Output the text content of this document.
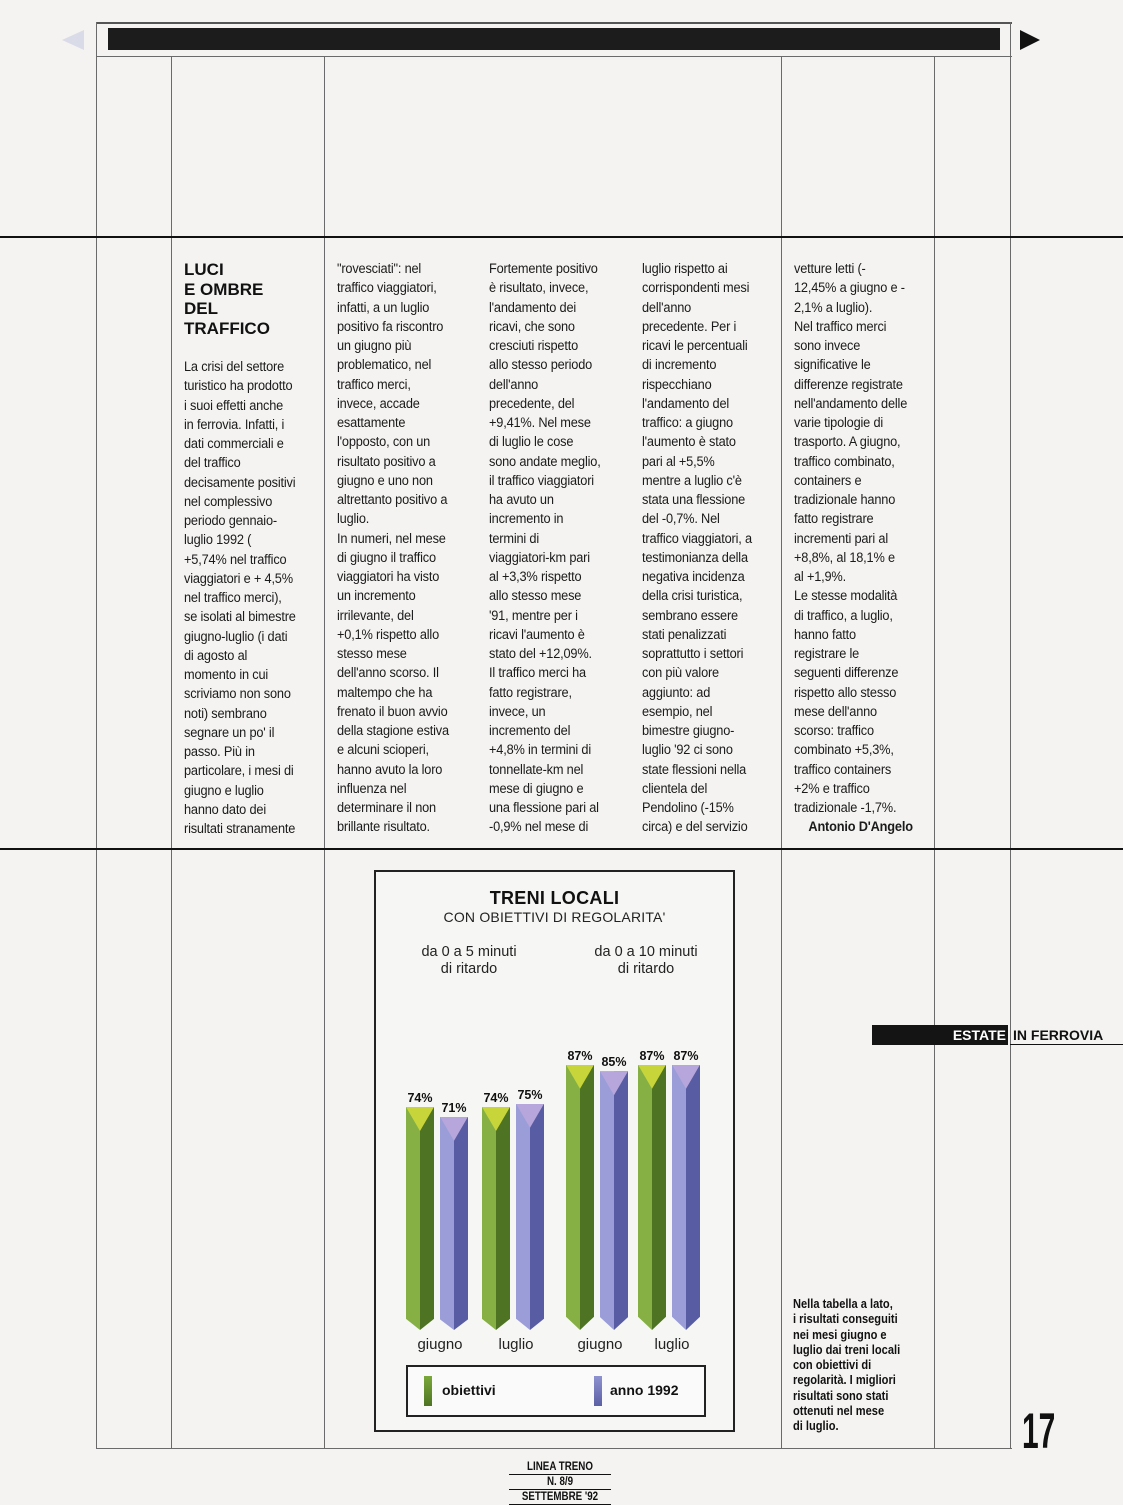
LUCI
E OMBRE
DEL
TRAFFICO
La crisi del settore
turistico ha prodotto
i suoi effetti anche
in ferrovia. Infatti, i
dati commerciali e
del traffico
decisamente positivi
nel complessivo
periodo gennaio-
luglio 1992 (
+5,74% nel traffico
viaggiatori e + 4,5%
nel traffico merci),
se isolati al bimestre
giugno-luglio (i dati
di agosto al
momento in cui
scriviamo non sono
noti) sembrano
segnare un po' il
passo. Più in
particolare, i mesi di
giugno e luglio
hanno dato dei
risultati stranamente
"rovesciati": nel
traffico viaggiatori,
infatti, a un luglio
positivo fa riscontro
un giugno più
problematico, nel
traffico merci,
invece, accade
esattamente
l'opposto, con un
risultato positivo a
giugno e uno non
altrettanto positivo a
luglio.
In numeri, nel mese
di giugno il traffico
viaggiatori ha visto
un incremento
irrilevante, del
+0,1% rispetto allo
stesso mese
dell'anno scorso. Il
maltempo che ha
frenato il buon avvio
della stagione estiva
e alcuni scioperi,
hanno avuto la loro
influenza nel
determinare il non
brillante risultato.
Fortemente positivo
è risultato, invece,
l'andamento dei
ricavi, che sono
cresciuti rispetto
allo stesso periodo
dell'anno
precedente, del
+9,41%. Nel mese
di luglio le cose
sono andate meglio,
il traffico viaggiatori
ha avuto un
incremento in
termini di
viaggiatori-km pari
al +3,3% rispetto
allo stesso mese
'91, mentre per i
ricavi l'aumento è
stato del +12,09%.
Il traffico merci ha
fatto registrare,
invece, un
incremento del
+4,8% in termini di
tonnellate-km nel
mese di giugno e
una flessione pari al
-0,9% nel mese di
luglio rispetto ai
corrispondenti mesi
dell'anno
precedente. Per i
ricavi le percentuali
di incremento
rispecchiano
l'andamento del
traffico: a giugno
l'aumento è stato
pari al +5,5%
mentre a luglio c'è
stata una flessione
del -0,7%. Nel
traffico viaggiatori, a
testimonianza della
negativa incidenza
della crisi turistica,
sembrano essere
stati penalizzati
soprattutto i settori
con più valore
aggiunto: ad
esempio, nel
bimestre giugno-
luglio '92 ci sono
state flessioni nella
clientela del
Pendolino (-15%
circa) e del servizio
vetture letti (-
12,45% a giugno e -
2,1% a luglio).
Nel traffico merci
sono invece
significative le
differenze registrate
nell'andamento delle
varie tipologie di
trasporto. A giugno,
traffico combinato,
containers e
tradizionale hanno
fatto registrare
incrementi pari al
+8,8%, al 18,1% e
al +1,9%.
Le stesse modalità
di traffico, a luglio,
hanno fatto
registrare le
seguenti differenze
rispetto allo stesso
mese dell'anno
scorso: traffico
combinato +5,3%,
traffico containers
+2% e traffico
tradizionale -1,7%.
Antonio D'Angelo
TRENI LOCALI
CON OBIETTIVI DI REGOLARITA'
da 0 a 5 minuti
di ritardo
da 0 a 10 minuti
di ritardo
74%
71%
giugno
74% 75%
luglio
87% 85%
giugno
87% 87%
luglio
obiettivi	anno 1992
ESTATE IN FERROVIA
Nella tabella a lato,
i risultati conseguiti
nei mesi giugno e
luglio dai treni locali
con obiettivi di
regolarità. I migliori
risultati sono stati
ottenuti nel mese
di luglio.	17
LINEA TRENO
N. 8/9
SETTEMBRE '92
